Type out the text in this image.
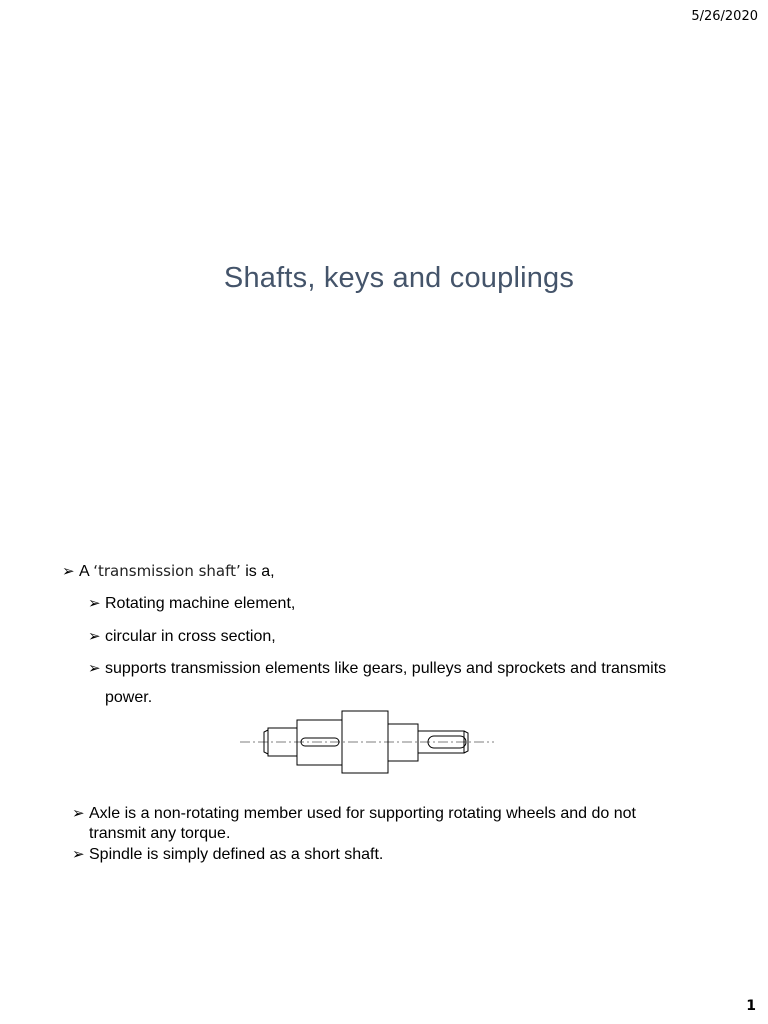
5/26/2020
Shafts, keys and couplings
➢ A ‘transmission shaft’ is a,
➢ Rotating machine element,
➢ circular in cross section,
➢ supports transmission elements like gears, pulleys and sprockets and transmits
power.
➢ Axle is a non-rotating member used for supporting rotating wheels and do not
transmit any torque.
➢ Spindle is simply defined as a short shaft.
1
